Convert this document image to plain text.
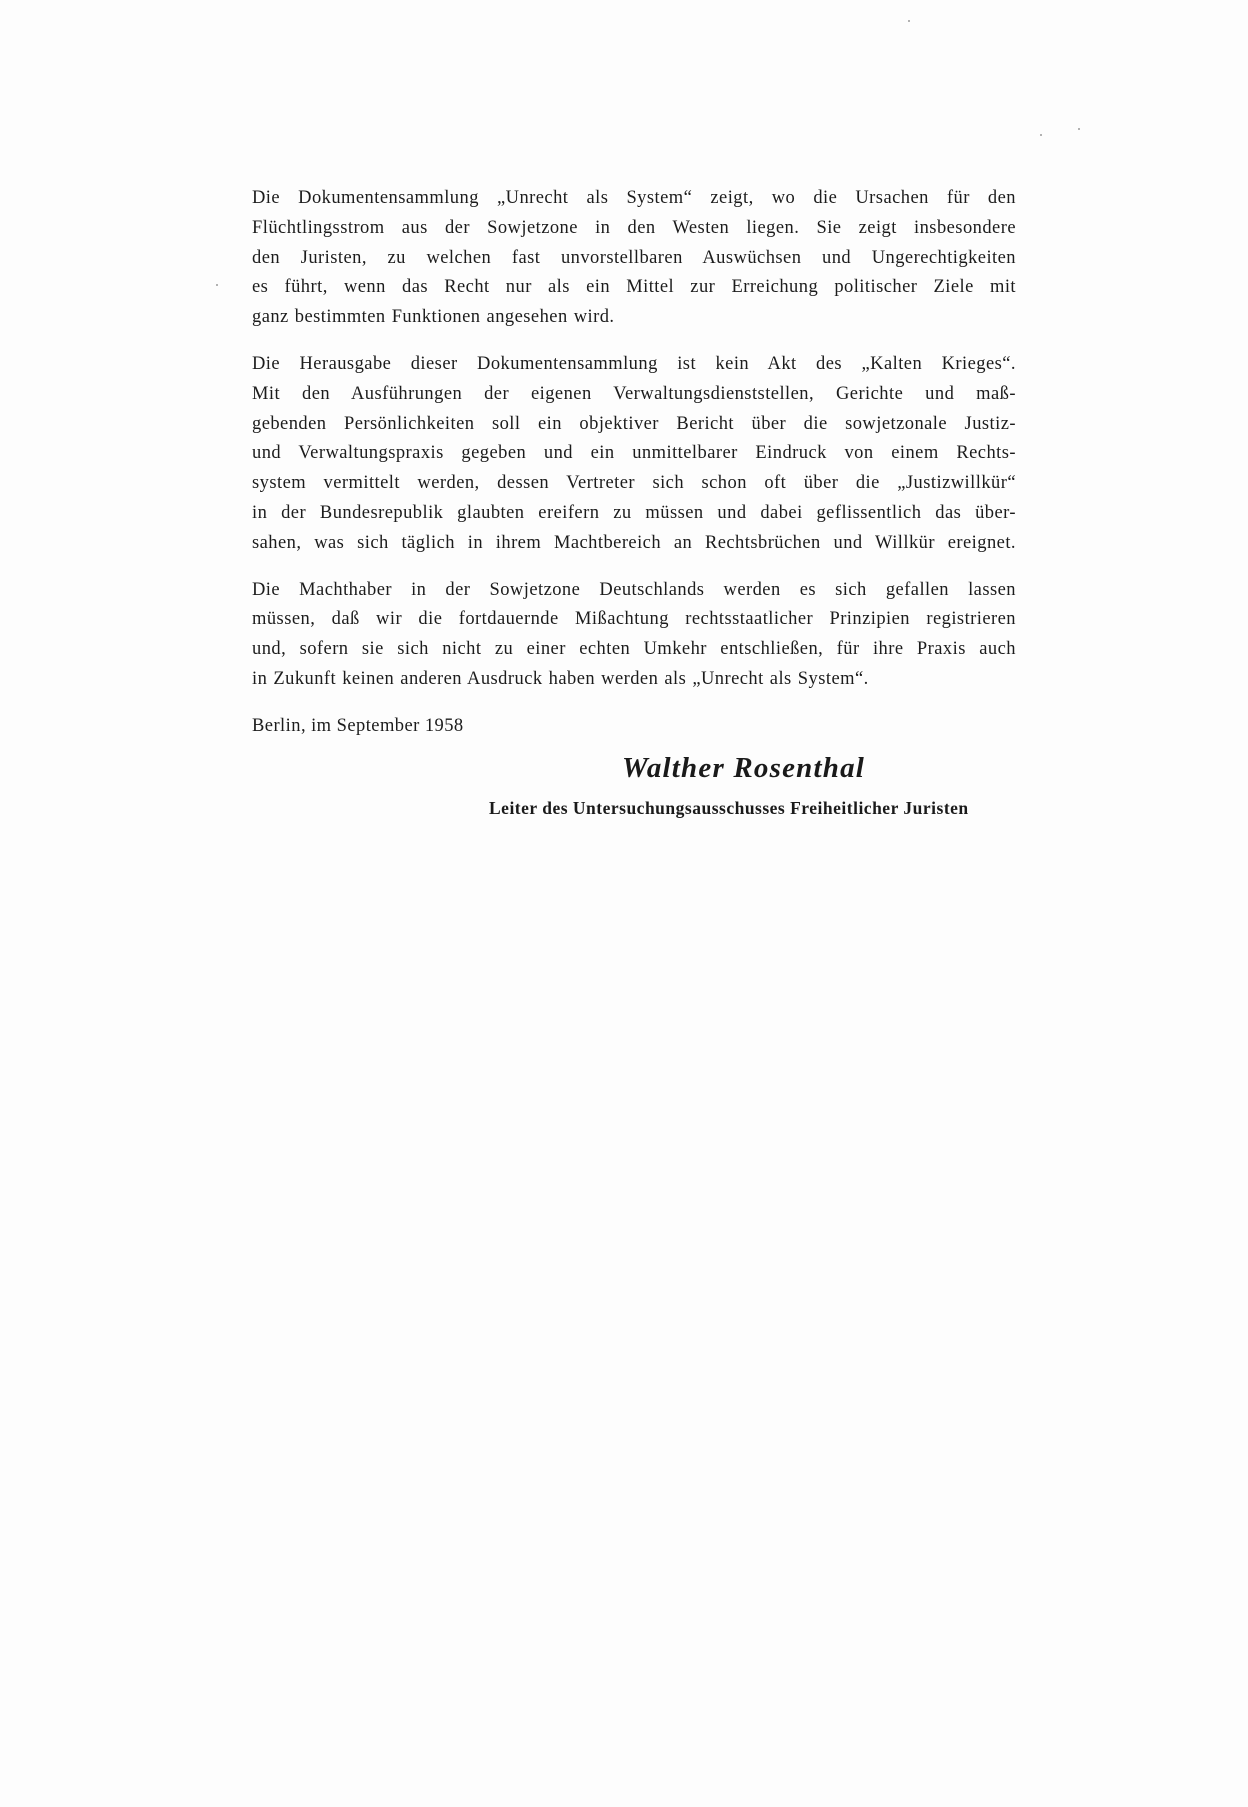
Die Dokumentensammlung „Unrecht als System“ zeigt, wo die Ursachen für den
Flüchtlingsstrom aus der Sowjetzone in den Westen liegen. Sie zeigt insbesondere
den Juristen, zu welchen fast unvorstellbaren Auswüchsen und Ungerechtigkeiten
es führt, wenn das Recht nur als ein Mittel zur Erreichung politischer Ziele mit
ganz bestimmten Funktionen angesehen wird.

Die Herausgabe dieser Dokumentensammlung ist kein Akt des „Kalten Krieges“.
Mit den Ausführungen der eigenen Verwaltungsdienststellen, Gerichte und maß-
gebenden Persönlichkeiten soll ein objektiver Bericht über die sowjetzonale Justiz-
und Verwaltungspraxis gegeben und ein unmittelbarer Eindruck von einem Rechts-
system vermittelt werden, dessen Vertreter sich schon oft über die „Justizwillkür“
in der Bundesrepublik glaubten ereifern zu müssen und dabei geflissentlich das über-
sahen, was sich täglich in ihrem Machtbereich an Rechtsbrüchen und Willkür ereignet.

Die Machthaber in der Sowjetzone Deutschlands werden es sich gefallen lassen
müssen, daß wir die fortdauernde Mißachtung rechtsstaatlicher Prinzipien registrieren
und, sofern sie sich nicht zu einer echten Umkehr entschließen, für ihre Praxis auch
in Zukunft keinen anderen Ausdruck haben werden als „Unrecht als System“.

Berlin, im September 1958

Walther Rosenthal
Leiter des Untersuchungsausschusses Freiheitlicher Juristen
